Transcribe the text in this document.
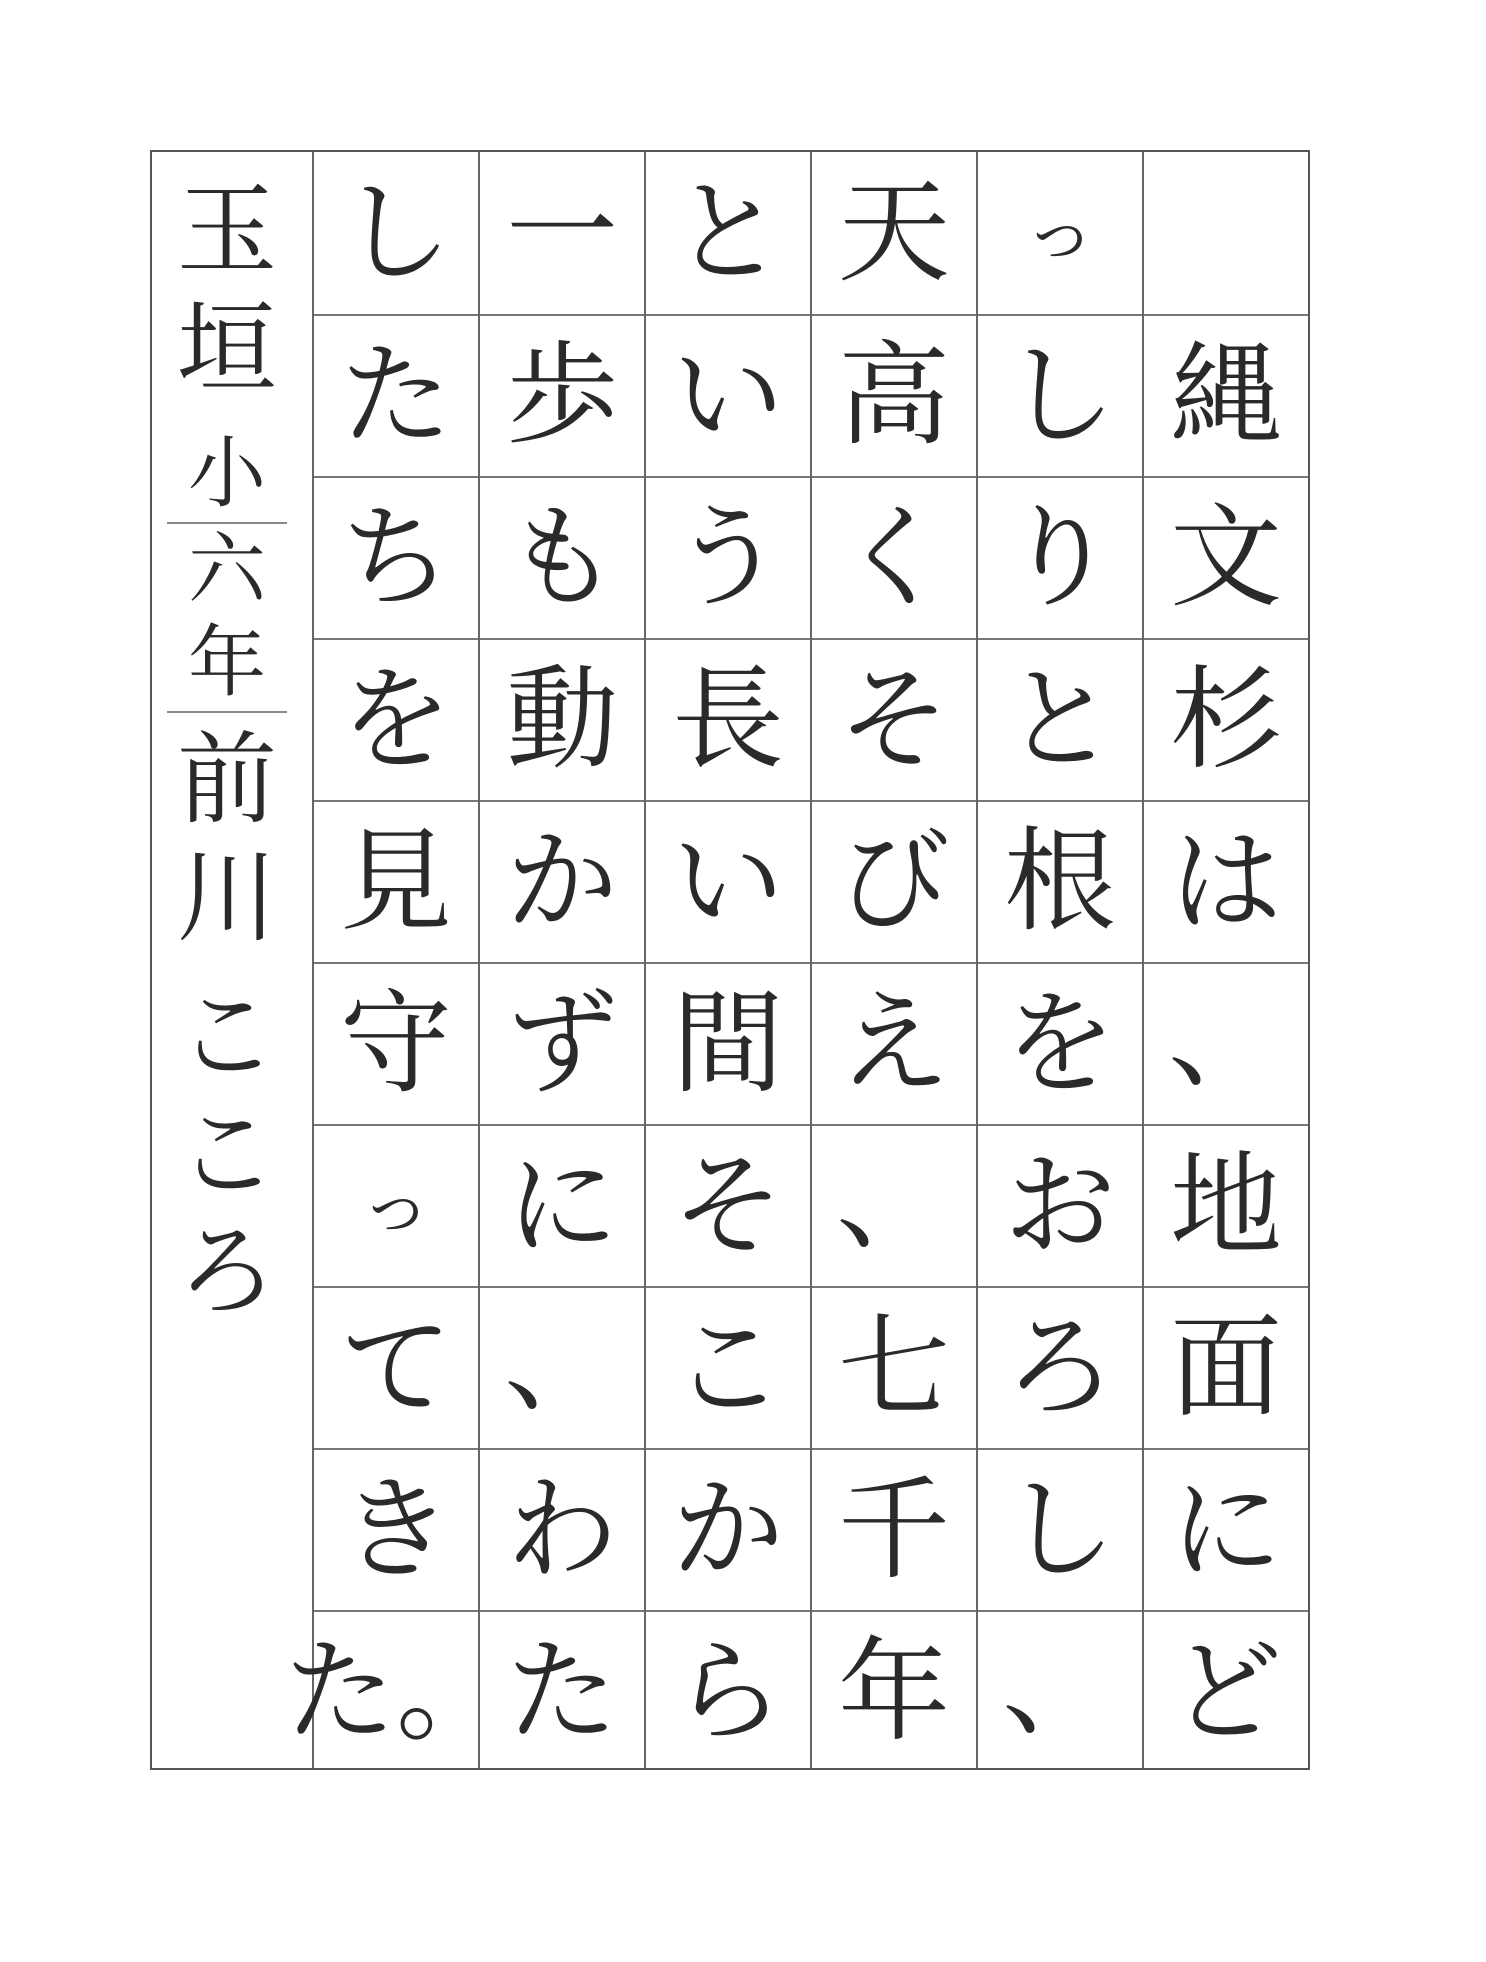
玉
垣
小
六
年
前
川
こ
こ
ろ
縄
文
杉
は
、
地
面
に
ど
っ
し
り
と
根
を
お
ろ
し
、
天
高
く
そ
び
え
、
七
千
年
と
い
う
長
い
間
そ
こ
か
ら
一
歩
も
動
か
ず
に
、
わ
た
し
た
ち
を
見
守
っ
て
き
た。
